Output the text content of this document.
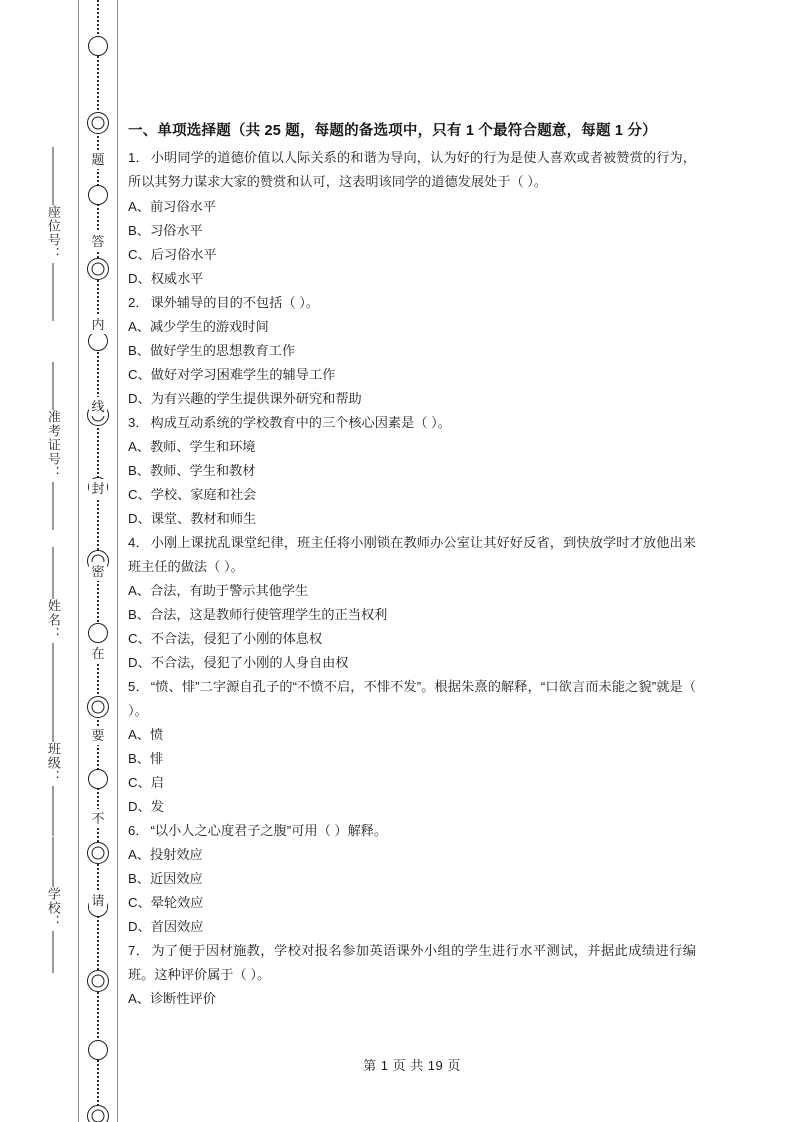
题
答
内
线
封
密
在
要
不
请
座位号：
准考证号：
姓名：
班级：
学校：
一、单项选择题（共 25 题，每题的备选项中，只有 1 个最符合题意，每题 1 分）

1． 小明同学的道德价值以人际关系的和谐为导向，认为好的行为是使人喜欢或者被赞赏的行为，所以其努力谋求大家的赞赏和认可，这表明该同学的道德发展处于（ ）。

A、前习俗水平

B、习俗水平

C、后习俗水平

D、权威水平

2． 课外辅导的目的不包括（ ）。

A、减少学生的游戏时间

B、做好学生的思想教育工作

C、做好对学习困难学生的辅导工作

D、为有兴趣的学生提供课外研究和帮助

3． 构成互动系统的学校教育中的三个核心因素是（ ）。

A、教师、学生和环境

B、教师、学生和教材

C、学校、家庭和社会

D、课堂、教材和师生

4． 小刚上课扰乱课堂纪律，班主任将小刚锁在教师办公室让其好好反省，到快放学时才放他出来班主任的做法（ ）。

A、合法，有助于警示其他学生

B、合法，这是教师行使管理学生的正当权利

C、不合法，侵犯了小刚的体息权

D、不合法，侵犯了小刚的人身自由权

5． “愤、悱”二字源自孔子的“不愤不启，不悱不发”。根据朱熹的解释，“口欲言而未能之貌”就是（ ）。

A、愤

B、悱

C、启

D、发

6． “以小人之心度君子之腹”可用（ ）解释。

A、投射效应

B、近因效应

C、晕轮效应

D、首因效应

7． 为了便于因材施教，学校对报名参加英语课外小组的学生进行水平测试，并据此成绩进行编班。这种评价属于（ ）。

A、诊断性评价

第 1 页 共 19 页
